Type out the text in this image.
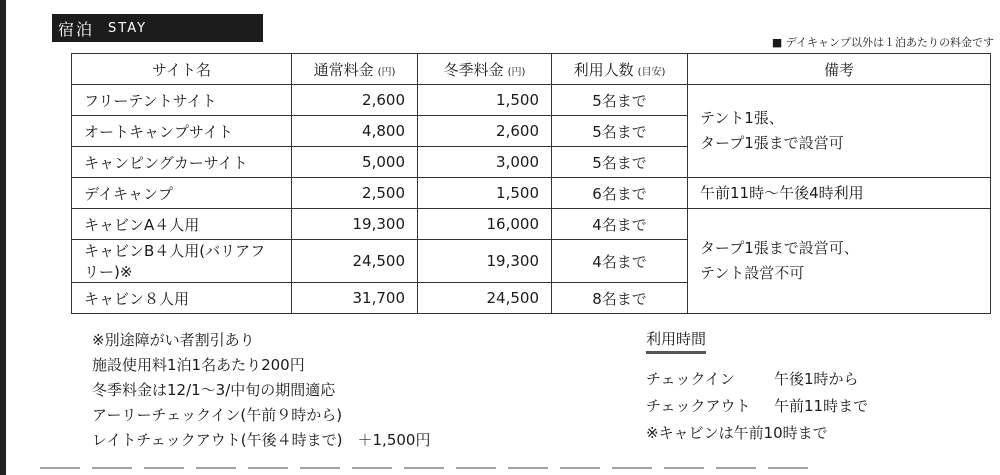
宿泊 STAY
■ デイキャンプ以外は１泊あたりの料金です
サイト名	通常料金 (円)	冬季料金 (円)	利用人数 (目安)	備考
フリーテントサイト	2,600	1,500	5名まで	テント1張、
タープ1張まで設営可

オートキャンプサイト	4,800	2,600	5名まで	
キャンピングカーサイト	5,000	3,000	5名まで	
デイキャンプ	2,500	1,500	6名まで	午前11時～午後4時利用
キャビンA４人用	19,300	16,000	4名まで	タープ1張まで設営可、
テント設営不可

キャビンB４人用(バリアフリー)※	24,500	19,300	4名まで	
キャビン８人用	31,700	24,500	8名まで	
※別途障がい者割引あり
施設使用料1泊1名あたり200円
冬季料金は12/1～3/中旬の期間適応
アーリーチェックイン(午前９時から)
レイトチェックアウト(午後４時まで)　＋1,500円
利用時間
チェックイン	午後1時から
チェックアウト	午前11時まで
※キャビンは午前10時まで
